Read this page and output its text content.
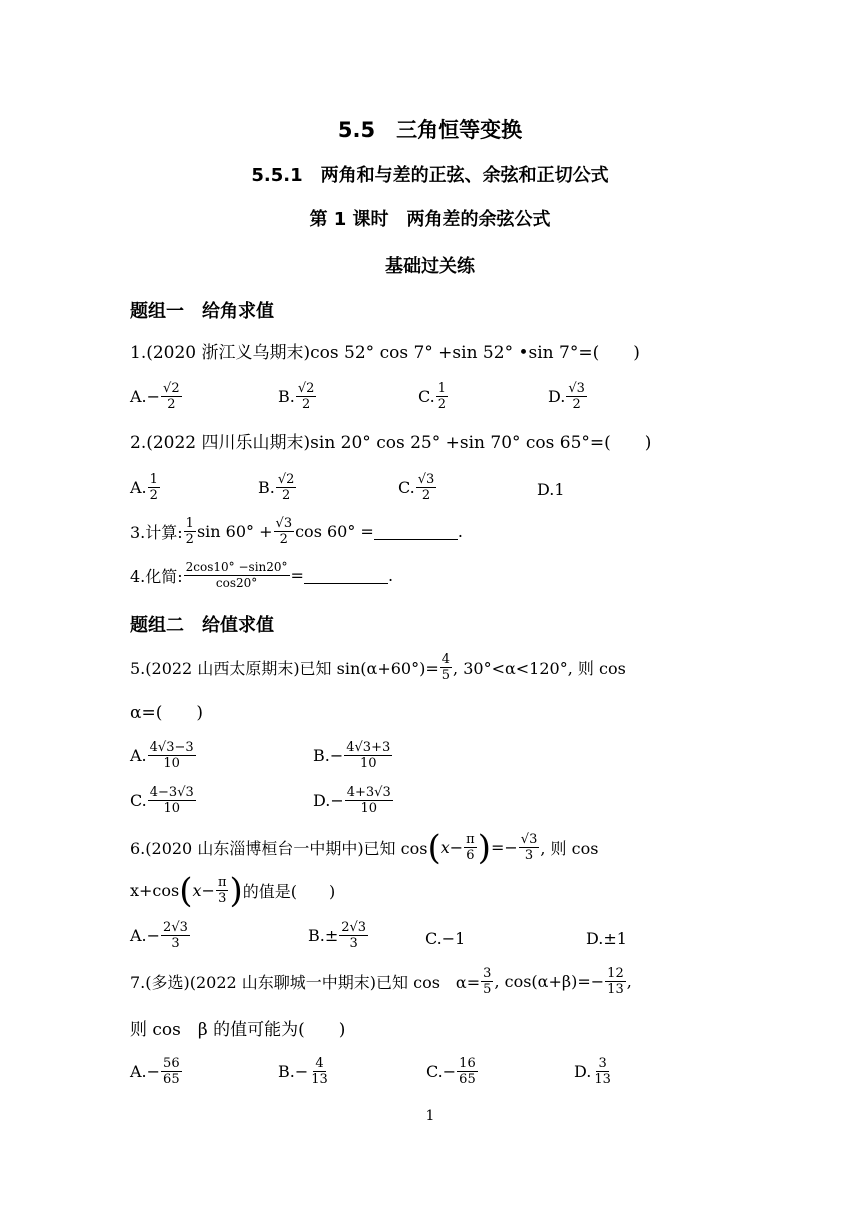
5.5　三角恒等变换
5.5.1　两角和与差的正弦、余弦和正切公式
第 1 课时　两角差的余弦公式
基础过关练
题组一　给角求值
1.(2020 浙江义乌期末)cos 52° cos 7° +sin 52° •sin 7°=(　　)
$A.- \frac{√2}{2}$	B. $\frac{√2}{2}$	C. $\frac{1}{2}$	D. $\frac{√3}{2}$
2.(2022 四川乐山期末)sin 20° cos 25° +sin 70° cos 65°=(　　)
A. $\frac{1}{2}$	B. $\frac{√2}{2}$	C. $\frac{√3}{2}$	D.1
3.计算: $\frac{1}{2}$ $\sin 60^\circ + \frac{√3}{2}$ cos 60° =	.
4.化简: $\frac{2\cos 10^\circ -\sin 20^\circ}{\cos 20^\circ}$ =	.
题组二　给值求值
5.(2022 山西太原期末)已知 $\sin(\alpha+60^\circ)= \frac{4}{5}$ , 30°<α<120°, 则 cos
α=(　　)
A. $\frac{4√3-3}{10}$	$B.- \frac{4√3+3}{10}$
C. $\frac{4-3√3}{10}$	$D.- \frac{4+3√3}{10}$
6.(2020 山东淄博桓台一中期中)已知 cos ( $x- \frac{\pi}{6}$ ) =− $\frac{√3}{3}$ , 则 cos
x+cos ( $x- \frac{\pi}{3}$ ) 的值是(　　)
$A.- \frac{2√3}{3}$	$B.\pm \frac{2√3}{3}$	C.−1	D.±1
7.(多选)(2022 山东聊城一中期末)已知 cos　$\alpha= \frac{3}{5}$ , $\cos(\alpha+\beta)=- \frac{12}{13}$ ,
则 cos　β 的值可能为(　　)
$A.- \frac{56}{65}$	$B.- \frac{4}{13}$	$C.- \frac{16}{65}$	D. $\frac{3}{13}$
1
